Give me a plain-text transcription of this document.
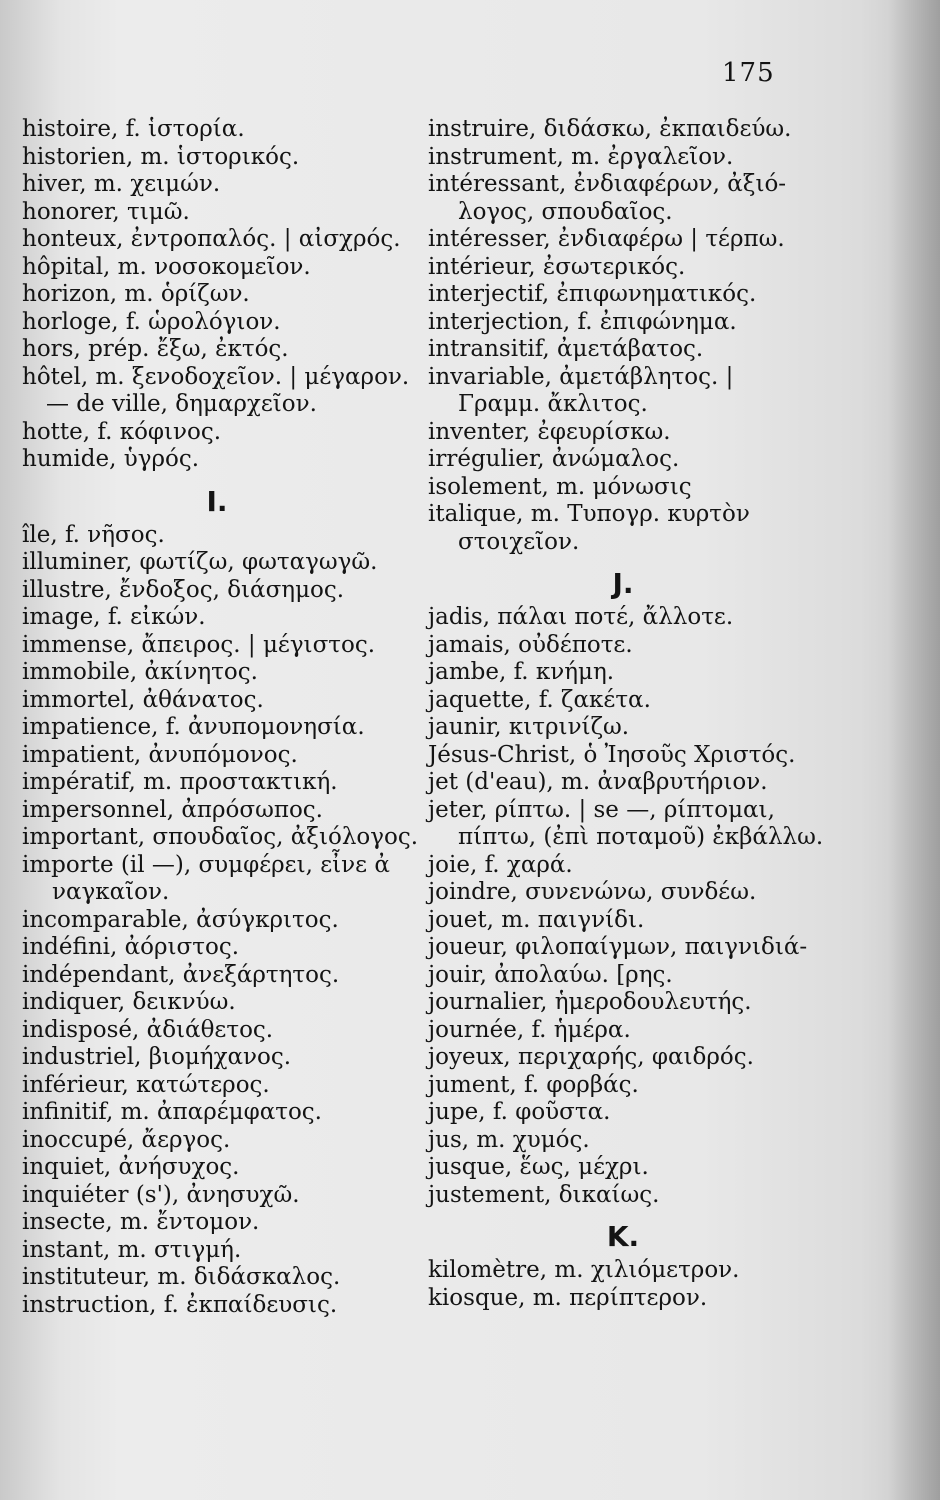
175
histoire, f. ἱστορία.
historien, m. ἱστορικός.
hiver, m. χειμών.
honorer, τιμῶ.
honteux, ἐντροπαλός. | αἰσχρός.
hôpital, m. νοσοκομεῖον.
horizon, m. ὁρίζων.
horloge, f. ὡρολόγιον.
hors, prép. ἔξω, ἐκτός.
hôtel, m. ξενοδοχεῖον. | μέγαρον.
— de ville, δημαρχεῖον.
hotte, f. κόφινος.
humide, ὑγρός.
I.
île, f. νῆσος.
illuminer, φωτίζω, φωταγωγῶ.
illustre, ἔνδοξος, διάσημος.
image, f. εἰκών.
immense, ἄπειρος. | μέγιστος.
immobile, ἀκίνητος.
immortel, ἀθάνατος.
impatience, f. ἀνυπομονησία.
impatient, ἀνυπόμονος.
impératif, m. προστακτική.
impersonnel, ἀπρόσωπος.
important, σπουδαῖος, ἀξιόλογος.
importe (il —), συμφέρει, εἶνε ἀ
ναγκαῖον.
incomparable, ἀσύγκριτος.
indéfini, ἀόριστος.
indépendant, ἀνεξάρτητος.
indiquer, δεικνύω.
indisposé, ἀδιάθετος.
industriel, βιομήχανος.
inférieur, κατώτερος.
infinitif, m. ἀπαρέμφατος.
inoccupé, ἄεργος.
inquiet, ἀνήσυχος.
inquiéter (s'), ἀνησυχῶ.
insecte, m. ἔντομον.
instant, m. στιγμή.
instituteur, m. διδάσκαλος.
instruction, f. ἐκπαίδευσις.
instruire, διδάσκω, ἐκπαιδεύω.
instrument, m. ἐργαλεῖον.
intéressant, ἐνδιαφέρων, ἀξιό-
λογος, σπουδαῖος.
intéresser, ἐνδιαφέρω | τέρπω.
intérieur, ἐσωτερικός.
interjectif, ἐπιφωνηματικός.
interjection, f. ἐπιφώνημα.
intransitif, ἀμετάβατος.
invariable, ἀμετάβλητος. |
Γραμμ. ἄκλιτος.
inventer, ἐφευρίσκω.
irrégulier, ἀνώμαλος.
isolement, m. μόνωσις
italique, m. Τυπογρ. κυρτὸν
στοιχεῖον.
J.
jadis, πάλαι ποτέ, ἄλλοτε.
jamais, οὐδέποτε.
jambe, f. κνήμη.
jaquette, f. ζακέτα.
jaunir, κιτρινίζω.
Jésus-Christ, ὁ Ἰησοῦς Χριστός.
jet (d'eau), m. ἀναβρυτήριον.
jeter, ρίπτω. | se —, ρίπτομαι,
πίπτω, (ἐπὶ ποταμοῦ) ἐκβάλλω.
joie, f. χαρά.
joindre, συνενώνω, συνδέω.
jouet, m. παιγνίδι.
joueur, φιλοπαίγμων, παιγνιδιά-
jouir, ἀπολαύω. [ρης.
journalier, ἡμεροδουλευτής.
journée, f. ἡμέρα.
joyeux, περιχαρής, φαιδρός.
jument, f. φορβάς.
jupe, f. φοῦστα.
jus, m. χυμός.
jusque, ἕως, μέχρι.
justement, δικαίως.
K.
kilomètre, m. χιλιόμετρον.
kiosque, m. περίπτερον.
